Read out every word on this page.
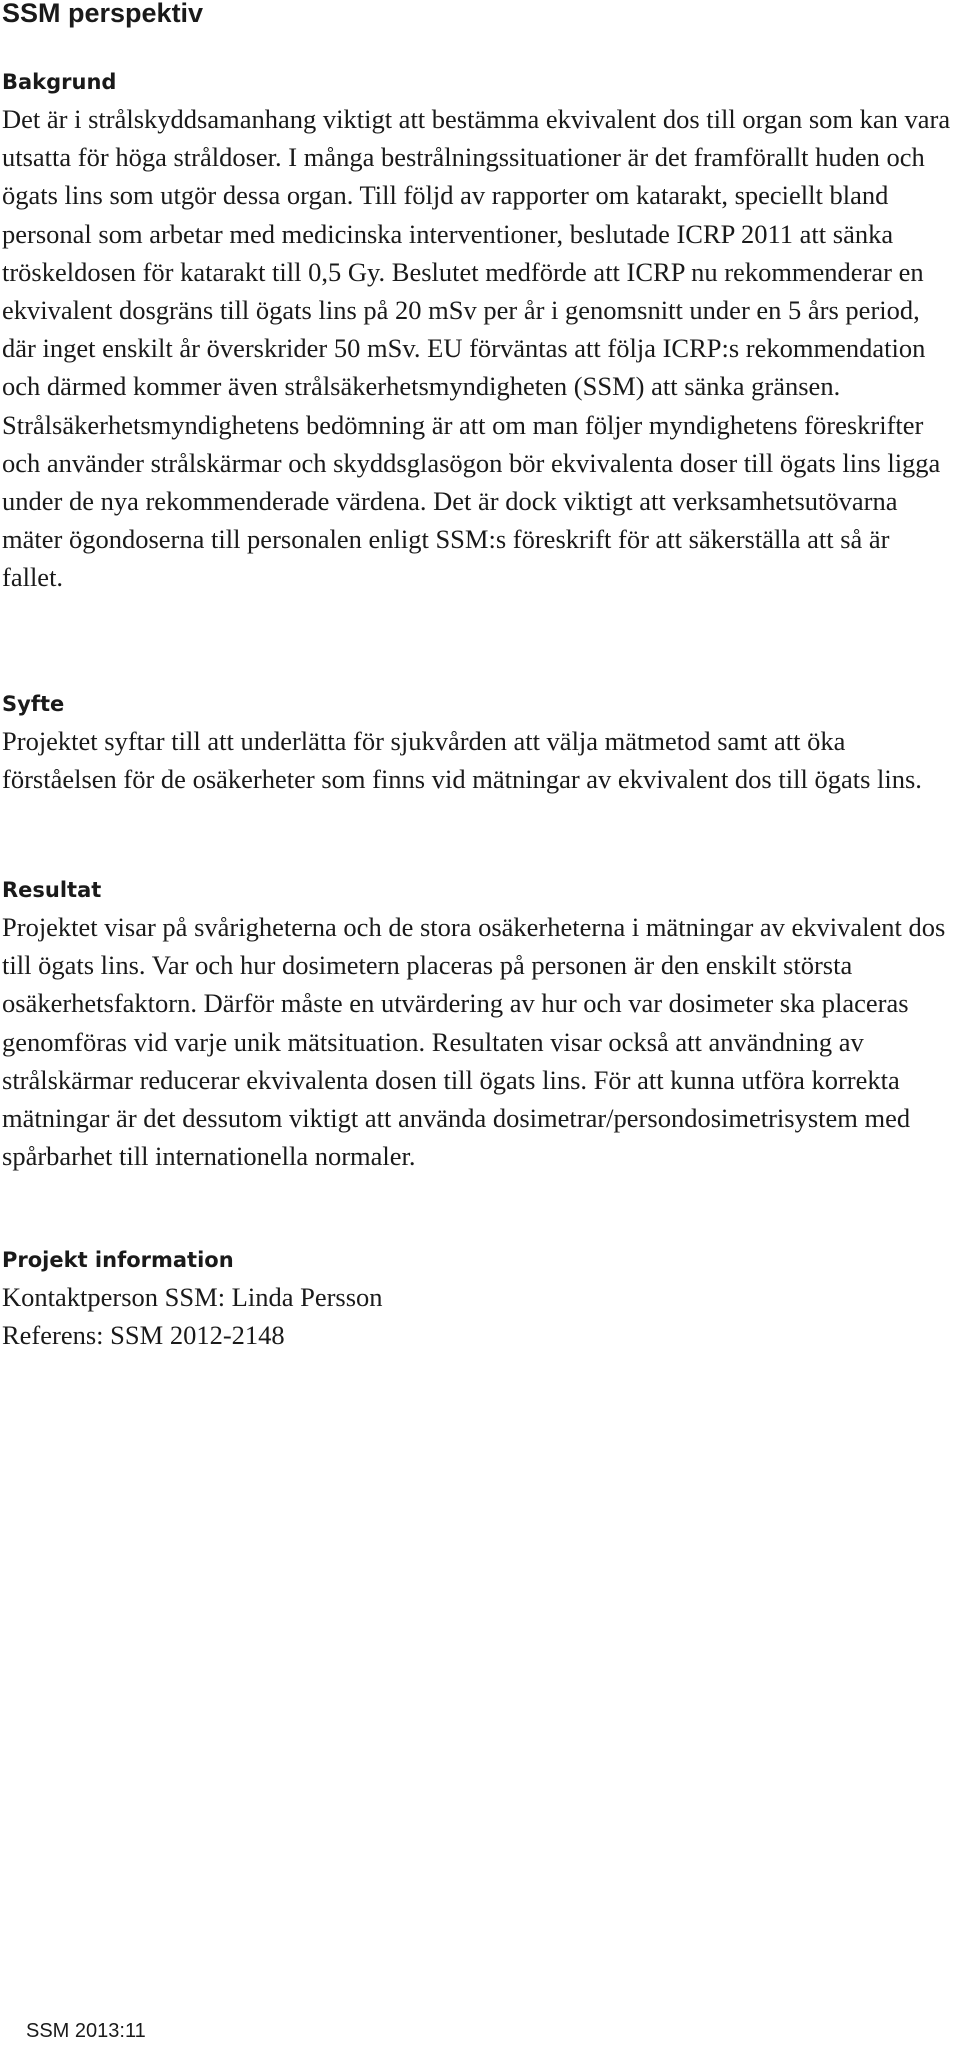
SSM perspektiv
Bakgrund

Det är i strålskyddsamanhang viktigt att bestämma ekvivalent dos till organ som kan vara utsatta för höga stråldoser. I många bestrålningssituationer är det framförallt huden och ögats lins som utgör dessa organ. Till följd av rapporter om katarakt, speciellt bland personal som arbetar med medicinska interventioner, beslutade ICRP 2011 att sänka tröskeldosen för katarakt till 0,5 Gy. Beslutet medförde att ICRP nu rekommenderar en ekvivalent dosgräns till ögats lins på 20 mSv per år i genomsnitt under en 5 års period, där inget enskilt år överskrider 50 mSv. EU förväntas att följa ICRP:s rekommendation och därmed kommer även strålsäkerhetsmyndigheten (SSM) att sänka gränsen. Strålsäkerhetsmyndighetens bedömning är att om man följer myndighetens föreskrifter och använder strålskärmar och skyddsglasögon bör ekvivalenta doser till ögats lins ligga under de nya rekommenderade värdena. Det är dock viktigt att verksamhetsutövarna mäter ögondoserna till personalen enligt SSM:s föreskrift för att säkerställa att så är fallet.

Syfte

Projektet syftar till att underlätta för sjukvården att välja mätmetod samt att öka förståelsen för de osäkerheter som finns vid mätningar av ekvivalent dos till ögats lins.

Resultat

Projektet visar på svårigheterna och de stora osäkerheterna i mätningar av ekvivalent dos till ögats lins. Var och hur dosimetern placeras på personen är den enskilt största osäkerhetsfaktorn. Därför måste en utvärdering av hur och var dosimeter ska placeras genomföras vid varje unik mätsituation. Resultaten visar också att användning av strålskärmar reducerar ekvivalenta dosen till ögats lins. För att kunna utföra korrekta mätningar är det dessutom viktigt att använda dosimetrar/persondosimetrisystem med spårbarhet till internationella normaler.

Projekt information

Kontaktperson SSM: Linda Persson
Referens: SSM 2012-2148

SSM 2013:11
